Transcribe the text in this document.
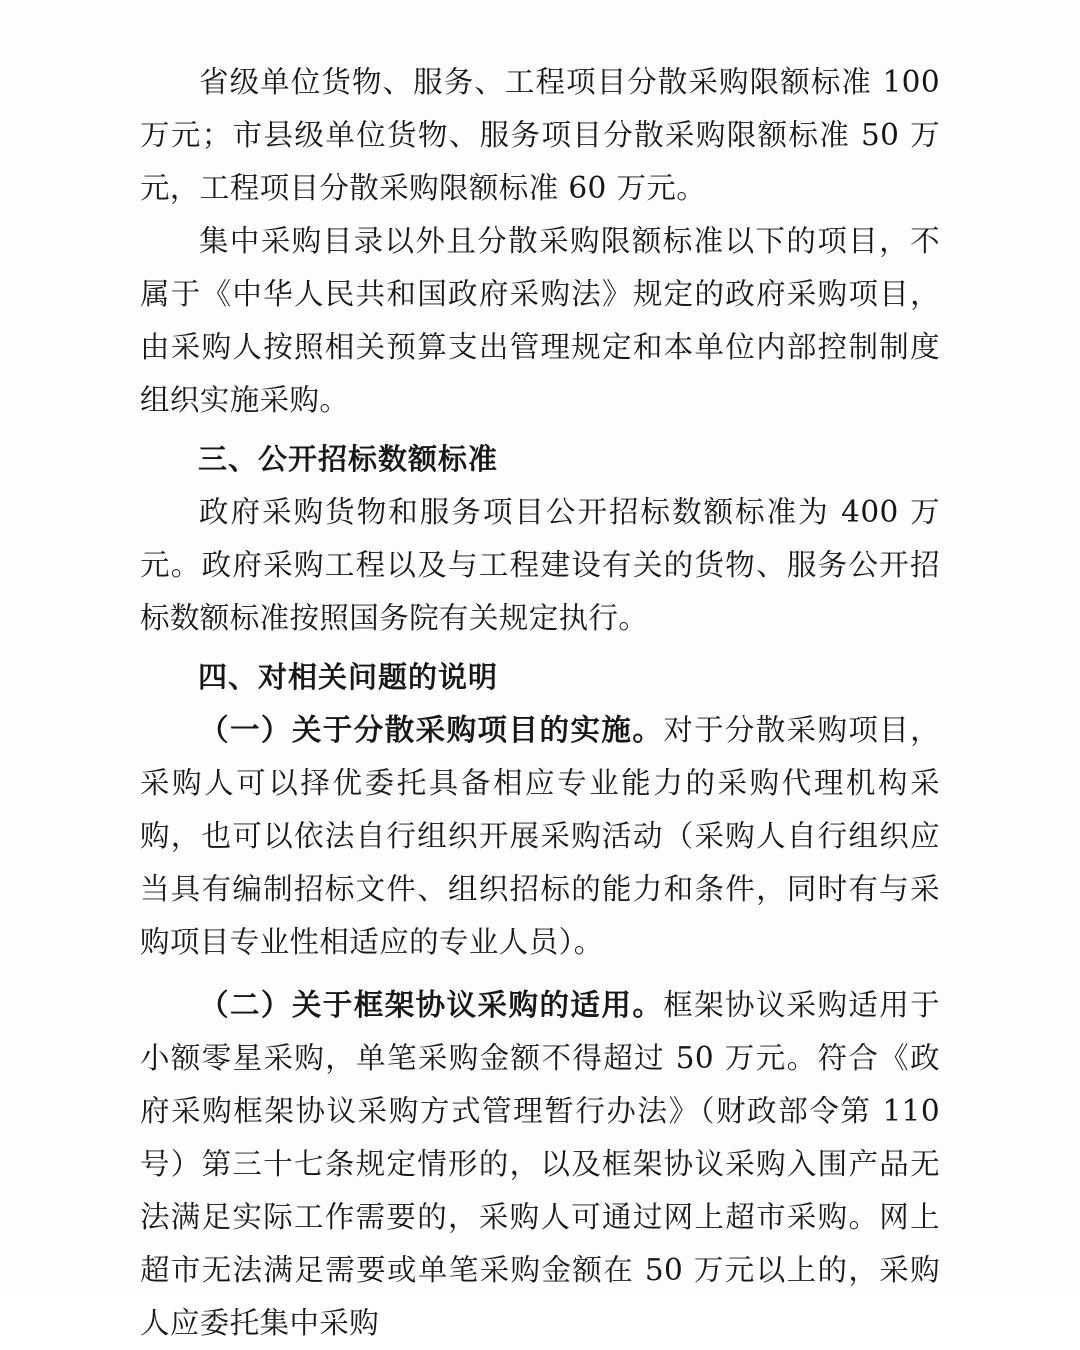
省级单位货物、服务、工程项目分散采购限额标准 100 万元；市县级单位货物、服务项目分散采购限额标准 50 万元，工程项目分散采购限额标准 60 万元。

集中采购目录以外且分散采购限额标准以下的项目，不属于《中华人民共和国政府采购法》规定的政府采购项目，由采购人按照相关预算支出管理规定和本单位内部控制制度组织实施采购。

三、公开招标数额标准

政府采购货物和服务项目公开招标数额标准为 400 万元。政府采购工程以及与工程建设有关的货物、服务公开招标数额标准按照国务院有关规定执行。

四、对相关问题的说明

（一）关于分散采购项目的实施。对于分散采购项目，采购人可以择优委托具备相应专业能力的采购代理机构采购，也可以依法自行组织开展采购活动（采购人自行组织应当具有编制招标文件、组织招标的能力和条件，同时有与采购项目专业性相适应的专业人员）。

（二）关于框架协议采购的适用。框架协议采购适用于小额零星采购，单笔采购金额不得超过 50 万元。符合《政府采购框架协议采购方式管理暂行办法》（财政部令第 110 号）第三十七条规定情形的，以及框架协议采购入围产品无法满足实际工作需要的，采购人可通过网上超市采购。网上超市无法满足需要或单笔采购金额在 50 万元以上的，采购人应委托集中采购
